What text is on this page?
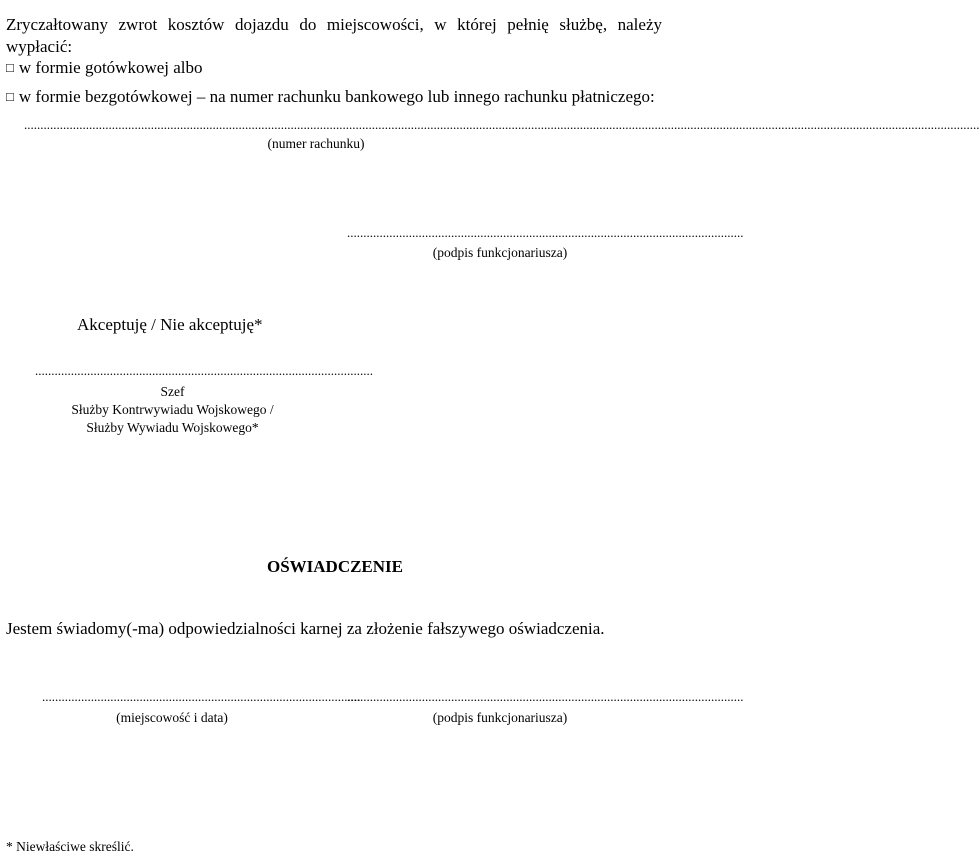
Zryczałtowany zwrot kosztów dojazdu do miejscowości, w której pełnię służbę, należy wypłacić:
□ w formie gotówkowej albo
□ w formie bezgotówkowej – na numer rachunku bankowego lub innego rachunku płatniczego:
......................................................................................................................................................................................................................................................................................................
(numer rachunku)
..........................................................................................................................
(podpis funkcjonariusza)
Akceptuję / Nie akceptuję*
........................................................................................................
Szef
Służby Kontrwywiadu Wojskowego /
Służby Wywiadu Wojskowego*
OŚWIADCZENIE
Jestem świadomy(-ma) odpowiedzialności karnej za złożenie fałszywego oświadczenia.
..................................................................................................
(miejscowość i data)
..........................................................................................................................
(podpis funkcjonariusza)
* Niewłaściwe skreślić.
